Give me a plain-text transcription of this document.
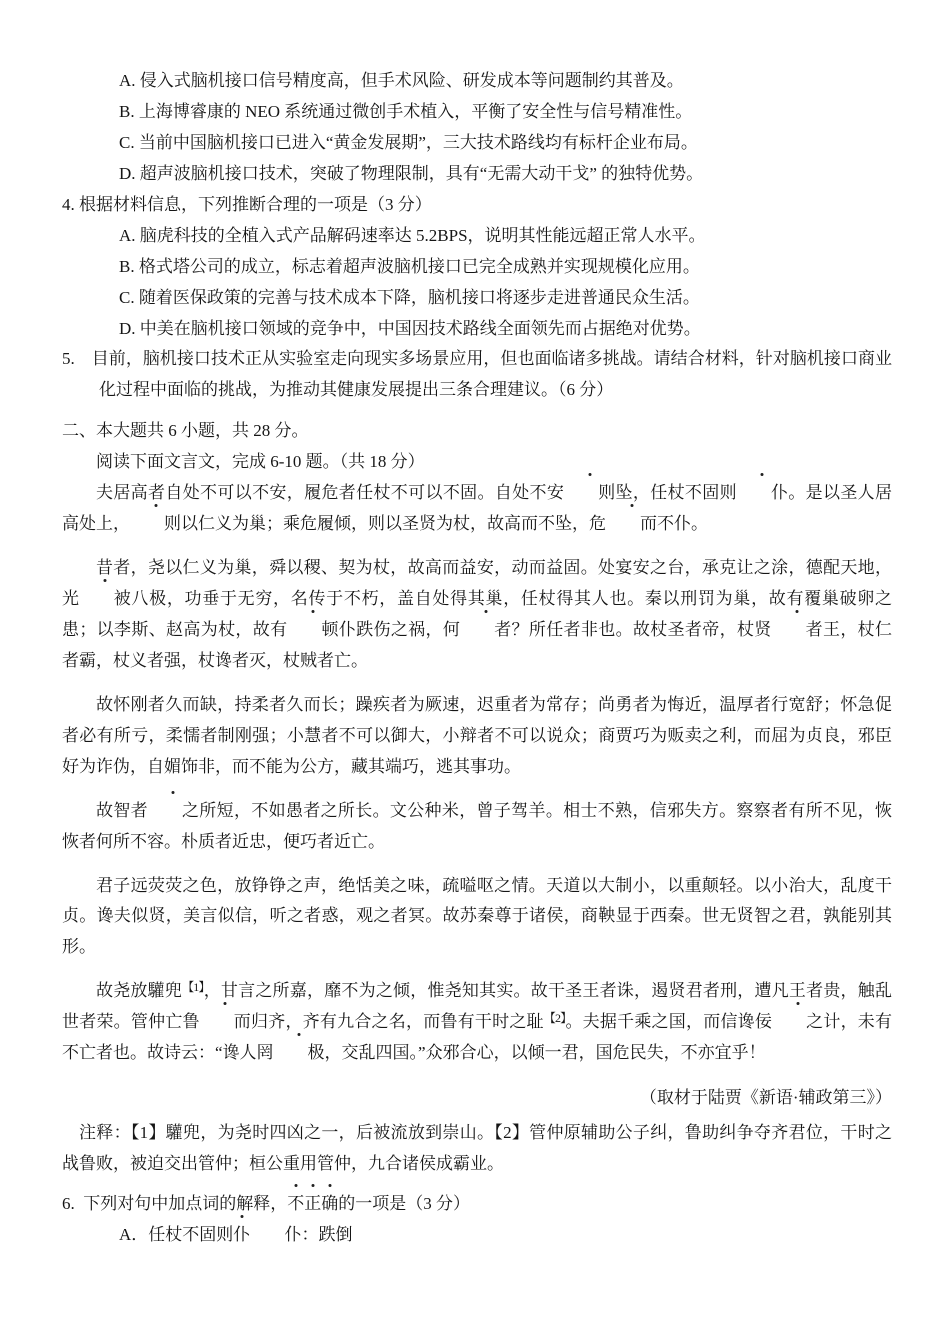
A. 侵入式脑机接口信号精度高，但手术风险、研发成本等问题制约其普及。

B. 上海博睿康的 NEO 系统通过微创手术植入，平衡了安全性与信号精准性。

C. 当前中国脑机接口已进入“黄金发展期”，三大技术路线均有标杆企业布局。

D. 超声波脑机接口技术，突破了物理限制，具有“无需大动干戈” 的独特优势。

4. 根据材料信息，下列推断合理的一项是（3 分）

A. 脑虎科技的全植入式产品解码速率达 5.2BPS，说明其性能远超正常人水平。

B. 格式塔公司的成立，标志着超声波脑机接口已完全成熟并实现规模化应用。

C. 随着医保政策的完善与技术成本下降，脑机接口将逐步走进普通民众生活。

D. 中美在脑机接口领域的竞争中，中国因技术路线全面领先而占据绝对优势。

5.  目前，脑机接口技术正从实验室走向现实多场景应用，但也面临诸多挑战。请结合材料，针对脑机接口商业化过程中面临的挑战，为推动其健康发展提出三条合理建议。（6 分）

二、本大题共 6 小题，共 28 分。

阅读下面文言文，完成 6-10 题。（共 18 分）

夫居高者自处不可以不安，履危者任杖不可以不固。自处不安 则坠，任杖不固则 仆。是以圣人居高处上， 则以仁义为巢；乘危履倾，则以圣贤为杖，故高而不坠，危 而不仆。

昔者，尧以仁义为巢，舜以稷、契为杖，故高而益安，动而益固。处宴安之台，承克让之涂，德配天地，光 被八极，功垂于无穷，名传于不朽，盖自处得其巢，任杖得其人也。秦以刑罚为巢，故有覆巢破卵之患；以李斯、赵高为杖，故有 顿仆跌伤之祸，何 者？所任者非也。故杖圣者帝，杖贤 者王，杖仁者霸，杖义者强，杖谗者灭，杖贼者亡。

故怀刚者久而缺，持柔者久而长；躁疾者为厥速，迟重者为常存；尚勇者为悔近，温厚者行宽舒；怀急促者必有所亏，柔懦者制刚强；小慧者不可以御大，小辩者不可以说众；商贾巧为贩卖之利，而屈为贞良，邪臣好为诈伪，自媚饰非，而不能为公方，藏其端巧，逃其事功。

故智者 之所短，不如愚者之所长。文公种米，曾子驾羊。相士不熟，信邪失方。察察者有所不见，恢恢者何所不容。朴质者近忠，便巧者近亡。

君子远荧荧之色，放铮铮之声，绝恬美之味，疏嗌呕之情。天道以大制小，以重颠轻。以小治大，乱度干贞。谗夫似贤，美言似信，听之者惑，观之者冥。故苏秦尊于诸侯，商鞅显于西秦。世无贤智之君，孰能别其形。

故尧放驩兜$^{【1】}$，甘言之所嘉，靡不为之倾，惟尧知其实。故干圣王者诛，遏贤君者刑，遭凡王者贵，触乱世者荣。管仲亡鲁 而归齐，齐有九合之名，而鲁有干时之耻$^{【2】}$。夫据千乘之国，而信谗佞 之计，未有不亡者也。故诗云：“谗人罔 极，交乱四国。”众邪合心，以倾一君，国危民失，不亦宜乎！

（取材于陆贾《新语·辅政第三》）

注释：【1】驩兜，为尧时四凶之一，后被流放到崇山。【2】管仲原辅助公子纠，鲁助纠争夺齐君位，干时之战鲁败，被迫交出管仲；桓公重用管仲，九合诸侯成霸业。

6. 下列对句中加点词的解释，不正确的一项是（3 分）

A．任杖不固则仆 仆：跌倒
